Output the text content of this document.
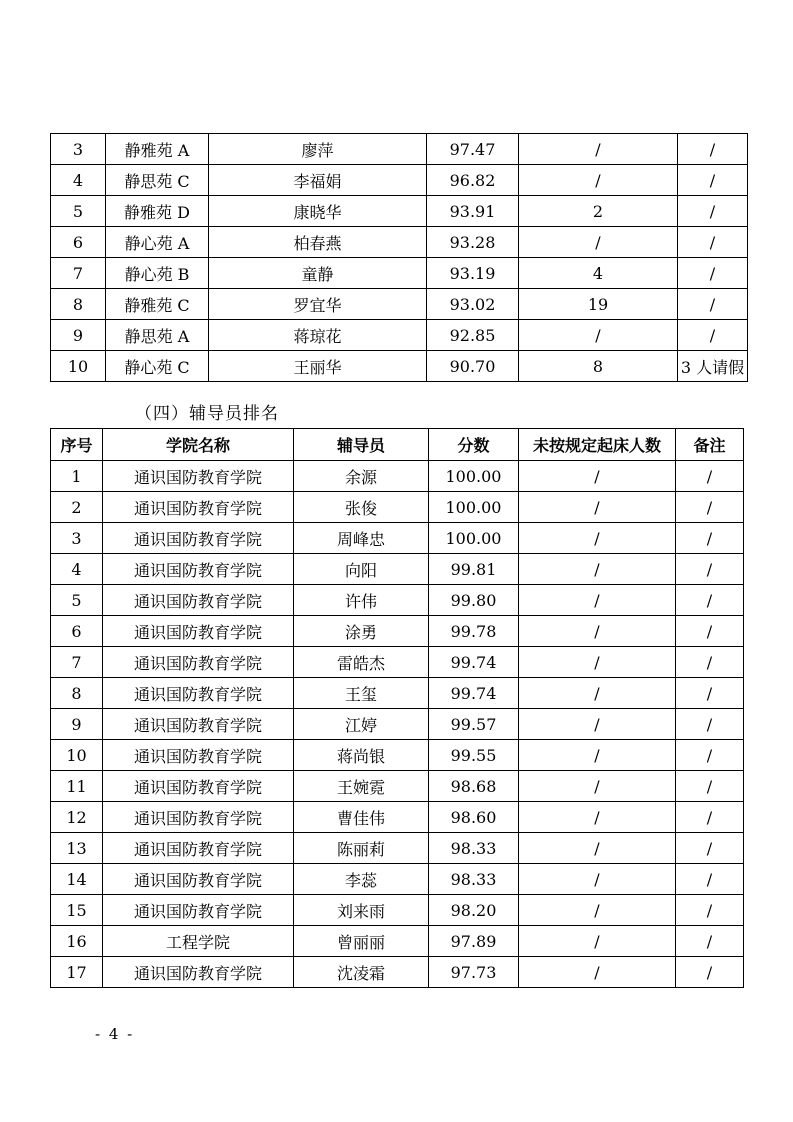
3	静雅苑 A	廖萍	97.47	/	/
4	静思苑 C	李福娟	96.82	/	/
5	静雅苑 D	康晓华	93.91	2	/
6	静心苑 A	柏春燕	93.28	/	/
7	静心苑 B	童静	93.19	4	/
8	静雅苑 C	罗宜华	93.02	19	/
9	静思苑 A	蒋琼花	92.85	/	/
10	静心苑 C	王丽华	90.70	8	3 人请假
（四）辅导员排名
序号	学院名称	辅导员	分数	未按规定起床人数	备注
1	通识国防教育学院	余源	100.00	/	/
2	通识国防教育学院	张俊	100.00	/	/
3	通识国防教育学院	周峰忠	100.00	/	/
4	通识国防教育学院	向阳	99.81	/	/
5	通识国防教育学院	许伟	99.80	/	/
6	通识国防教育学院	涂勇	99.78	/	/
7	通识国防教育学院	雷皓杰	99.74	/	/
8	通识国防教育学院	王玺	99.74	/	/
9	通识国防教育学院	江婷	99.57	/	/
10	通识国防教育学院	蒋尚银	99.55	/	/
11	通识国防教育学院	王婉霓	98.68	/	/
12	通识国防教育学院	曹佳伟	98.60	/	/
13	通识国防教育学院	陈丽莉	98.33	/	/
14	通识国防教育学院	李蕊	98.33	/	/
15	通识国防教育学院	刘来雨	98.20	/	/
16	工程学院	曾丽丽	97.89	/	/
17	通识国防教育学院	沈凌霜	97.73	/	/
- 4 -
